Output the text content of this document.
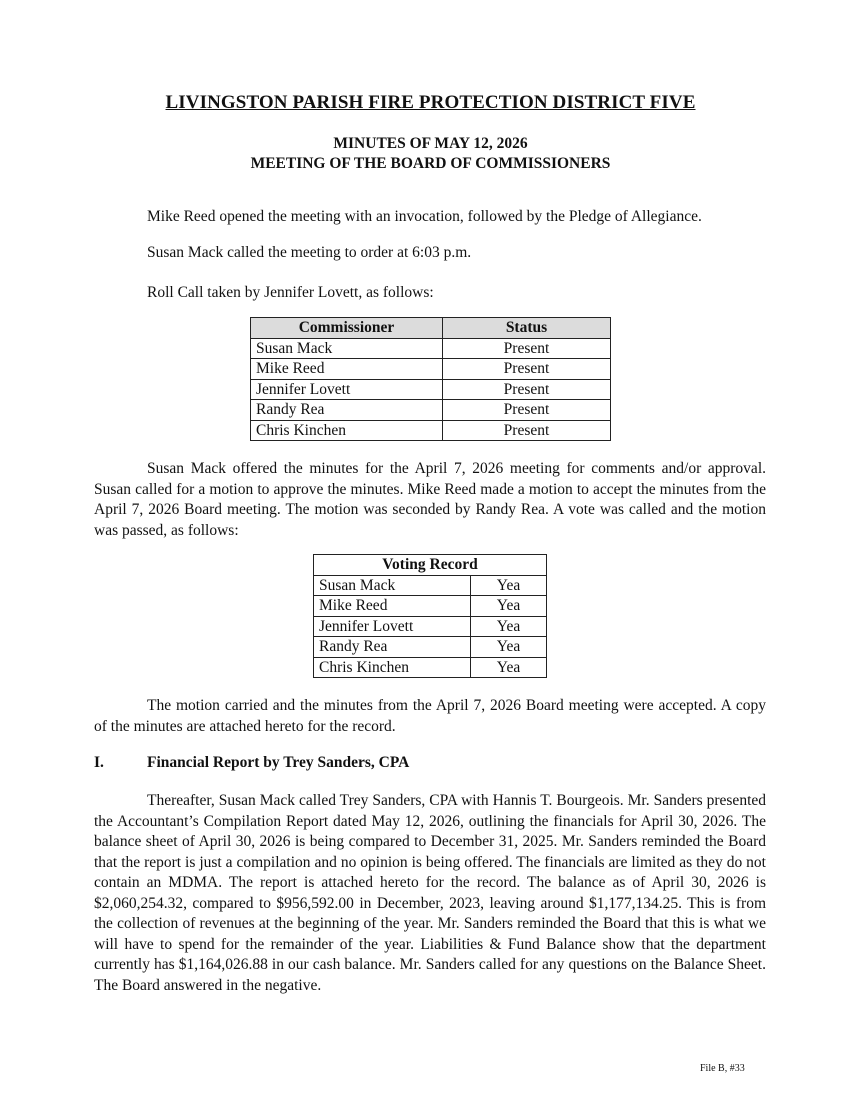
LIVINGSTON PARISH FIRE PROTECTION DISTRICT FIVE
MINUTES OF MAY 12, 2026
MEETING OF THE BOARD OF COMMISSIONERS
Mike Reed opened the meeting with an invocation, followed by the Pledge of Allegiance.
Susan Mack called the meeting to order at 6:03 p.m.
Roll Call taken by Jennifer Lovett, as follows:
Commissioner	Status
Susan Mack	Present
Mike Reed	Present
Jennifer Lovett	Present
Randy Rea	Present
Chris Kinchen	Present
Susan Mack offered the minutes for the April 7, 2026 meeting for comments and/or approval. Susan called for a motion to approve the minutes. Mike Reed made a motion to accept the minutes from the April 7, 2026 Board meeting. The motion was seconded by Randy Rea. A vote was called and the motion was passed, as follows:
Voting Record	
Susan Mack	Yea
Mike Reed	Yea
Jennifer Lovett	Yea
Randy Rea	Yea
Chris Kinchen	Yea
The motion carried and the minutes from the April 7, 2026 Board meeting were accepted. A copy of the minutes are attached hereto for the record.
I.	Financial Report by Trey Sanders, CPA
Thereafter, Susan Mack called Trey Sanders, CPA with Hannis T. Bourgeois. Mr. Sanders presented the Accountant’s Compilation Report dated May 12, 2026, outlining the financials for April 30, 2026. The balance sheet of April 30, 2026 is being compared to December 31, 2025. Mr. Sanders reminded the Board that the report is just a compilation and no opinion is being offered. The financials are limited as they do not contain an MDMA. The report is attached hereto for the record. The balance as of April 30, 2026 is $2,060,254.32, compared to $956,592.00 in December, 2023, leaving around $1,177,134.25. This is from the collection of revenues at the beginning of the year. Mr. Sanders reminded the Board that this is what we will have to spend for the remainder of the year. Liabilities & Fund Balance show that the department currently has $1,164,026.88 in our cash balance. Mr. Sanders called for any questions on the Balance Sheet. The Board answered in the negative.
File B, #33
